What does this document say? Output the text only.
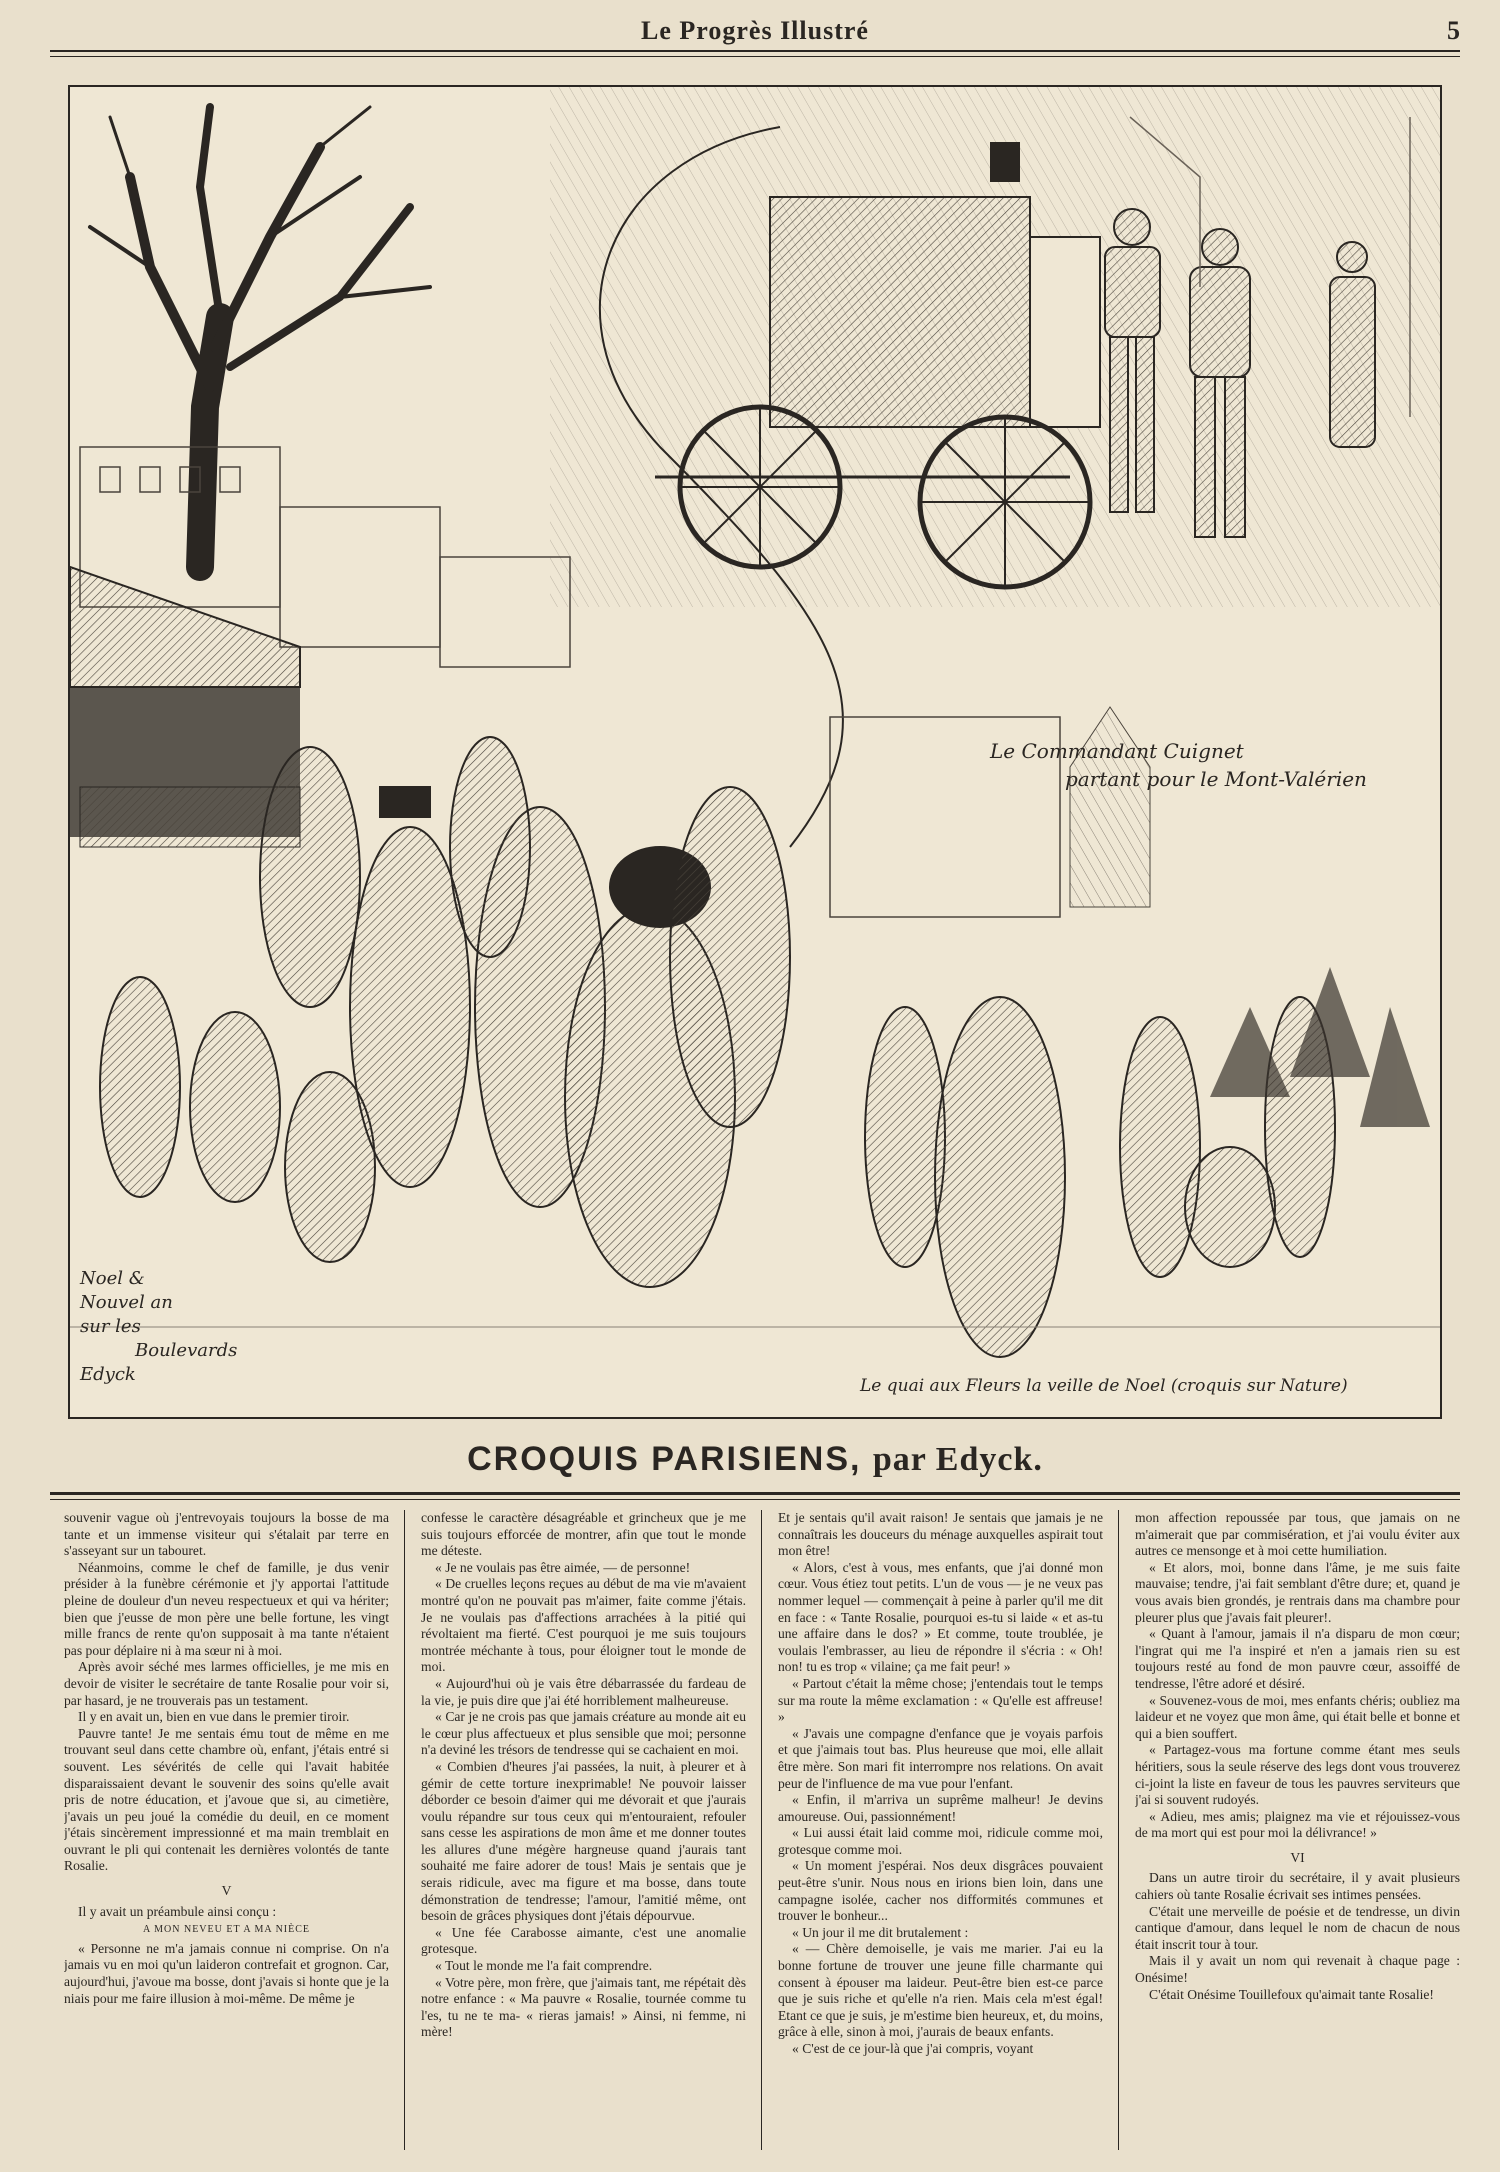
Le Progrès Illustré	5
Le Commandant Cuignet
partant pour le Mont-Valérien
Noel &
Nouvel an
sur les
Boulevards
Edyck
Le quai aux Fleurs la veille de Noel (croquis sur Nature)
CROQUIS PARISIENS, par Edyck.

souvenir vague où j'entrevoyais toujours la bosse de ma tante et un immense visiteur qui s'étalait par terre en s'asseyant sur un tabouret.

Néanmoins, comme le chef de famille, je dus venir présider à la funèbre cérémonie et j'y apportai l'attitude pleine de douleur d'un neveu respectueux et qui va hériter; bien que j'eusse de mon père une belle fortune, les vingt mille francs de rente qu'on supposait à ma tante n'étaient pas pour déplaire ni à ma sœur ni à moi.

Après avoir séché mes larmes officielles, je me mis en devoir de visiter le secrétaire de tante Rosalie pour voir si, par hasard, je ne trouverais pas un testament.

Il y en avait un, bien en vue dans le premier tiroir.

Pauvre tante! Je me sentais ému tout de même en me trouvant seul dans cette chambre où, enfant, j'étais entré si souvent. Les sévérités de celle qui l'avait habitée disparaissaient devant le souvenir des soins qu'elle avait pris de notre éducation, et j'avoue que si, au cimetière, j'avais un peu joué la comédie du deuil, en ce moment j'étais sincèrement impressionné et ma main tremblait en ouvrant le pli qui contenait les dernières volontés de tante Rosalie.

V

Il y avait un préambule ainsi conçu :

A MON NEVEU ET A MA NIÈCE

« Personne ne m'a jamais connue ni comprise. On n'a jamais vu en moi qu'un laideron contrefait et grognon. Car, aujourd'hui, j'avoue ma bosse, dont j'avais si honte que je la niais pour me faire illusion à moi-même. De même je

confesse le caractère désagréable et grincheux que je me suis toujours efforcée de montrer, afin que tout le monde me déteste.

« Je ne voulais pas être aimée, — de personne!

« De cruelles leçons reçues au début de ma vie m'avaient montré qu'on ne pouvait pas m'aimer, faite comme j'étais. Je ne voulais pas d'affections arrachées à la pitié qui révoltaient ma fierté. C'est pourquoi je me suis toujours montrée méchante à tous, pour éloigner tout le monde de moi.

« Aujourd'hui où je vais être débarrassée du fardeau de la vie, je puis dire que j'ai été horriblement malheureuse.

« Car je ne crois pas que jamais créature au monde ait eu le cœur plus affectueux et plus sensible que moi; personne n'a deviné les trésors de tendresse qui se cachaient en moi.

« Combien d'heures j'ai passées, la nuit, à pleurer et à gémir de cette torture inexprimable! Ne pouvoir laisser déborder ce besoin d'aimer qui me dévorait et que j'aurais voulu répandre sur tous ceux qui m'entouraient, refouler sans cesse les aspirations de mon âme et me donner toutes les allures d'une mégère hargneuse quand j'aurais tant souhaité me faire adorer de tous! Mais je sentais que je serais ridicule, avec ma figure et ma bosse, dans toute démonstration de tendresse; l'amour, l'amitié même, ont besoin de grâces physiques dont j'étais dépourvue.

« Une fée Carabosse aimante, c'est une anomalie grotesque.

« Tout le monde me l'a fait comprendre.

« Votre père, mon frère, que j'aimais tant, me répétait dès notre enfance : « Ma pauvre « Rosalie, tournée comme tu l'es, tu ne te ma- « rieras jamais! » Ainsi, ni femme, ni mère!

Et je sentais qu'il avait raison! Je sentais que jamais je ne connaîtrais les douceurs du ménage auxquelles aspirait tout mon être!

« Alors, c'est à vous, mes enfants, que j'ai donné mon cœur. Vous étiez tout petits. L'un de vous — je ne veux pas nommer lequel — commençait à peine à parler qu'il me dit en face : « Tante Rosalie, pourquoi es-tu si laide « et as-tu une affaire dans le dos? » Et comme, toute troublée, je voulais l'embrasser, au lieu de répondre il s'écria : « Oh! non! tu es trop « vilaine; ça me fait peur! »

« Partout c'était la même chose; j'entendais tout le temps sur ma route la même exclamation : « Qu'elle est affreuse! »

« J'avais une compagne d'enfance que je voyais parfois et que j'aimais tout bas. Plus heureuse que moi, elle allait être mère. Son mari fit interrompre nos relations. On avait peur de l'influence de ma vue pour l'enfant.

« Enfin, il m'arriva un suprême malheur! Je devins amoureuse. Oui, passionnément!

« Lui aussi était laid comme moi, ridicule comme moi, grotesque comme moi.

« Un moment j'espérai. Nos deux disgrâces pouvaient peut-être s'unir. Nous nous en irions bien loin, dans une campagne isolée, cacher nos difformités communes et trouver le bonheur...

« Un jour il me dit brutalement :

« — Chère demoiselle, je vais me marier. J'ai eu la bonne fortune de trouver une jeune fille charmante qui consent à épouser ma laideur. Peut-être bien est-ce parce que je suis riche et qu'elle n'a rien. Mais cela m'est égal! Etant ce que je suis, je m'estime bien heureux, et, du moins, grâce à elle, sinon à moi, j'aurais de beaux enfants.

« C'est de ce jour-là que j'ai compris, voyant

mon affection repoussée par tous, que jamais on ne m'aimerait que par commisération, et j'ai voulu éviter aux autres ce mensonge et à moi cette humiliation.

« Et alors, moi, bonne dans l'âme, je me suis faite mauvaise; tendre, j'ai fait semblant d'être dure; et, quand je vous avais bien grondés, je rentrais dans ma chambre pour pleurer plus que j'avais fait pleurer!.

« Quant à l'amour, jamais il n'a disparu de mon cœur; l'ingrat qui me l'a inspiré et n'en a jamais rien su est toujours resté au fond de mon pauvre cœur, assoiffé de tendresse, l'être adoré et désiré.

« Souvenez-vous de moi, mes enfants chéris; oubliez ma laideur et ne voyez que mon âme, qui était belle et bonne et qui a bien souffert.

« Partagez-vous ma fortune comme étant mes seuls héritiers, sous la seule réserve des legs dont vous trouverez ci-joint la liste en faveur de tous les pauvres serviteurs que j'ai si souvent rudoyés.

« Adieu, mes amis; plaignez ma vie et réjouissez-vous de ma mort qui est pour moi la délivrance! »

VI

Dans un autre tiroir du secrétaire, il y avait plusieurs cahiers où tante Rosalie écrivait ses intimes pensées.

C'était une merveille de poésie et de tendresse, un divin cantique d'amour, dans lequel le nom de chacun de nous était inscrit tour à tour.

Mais il y avait un nom qui revenait à chaque page : Onésime!

C'était Onésime Touillefoux qu'aimait tante Rosalie!
